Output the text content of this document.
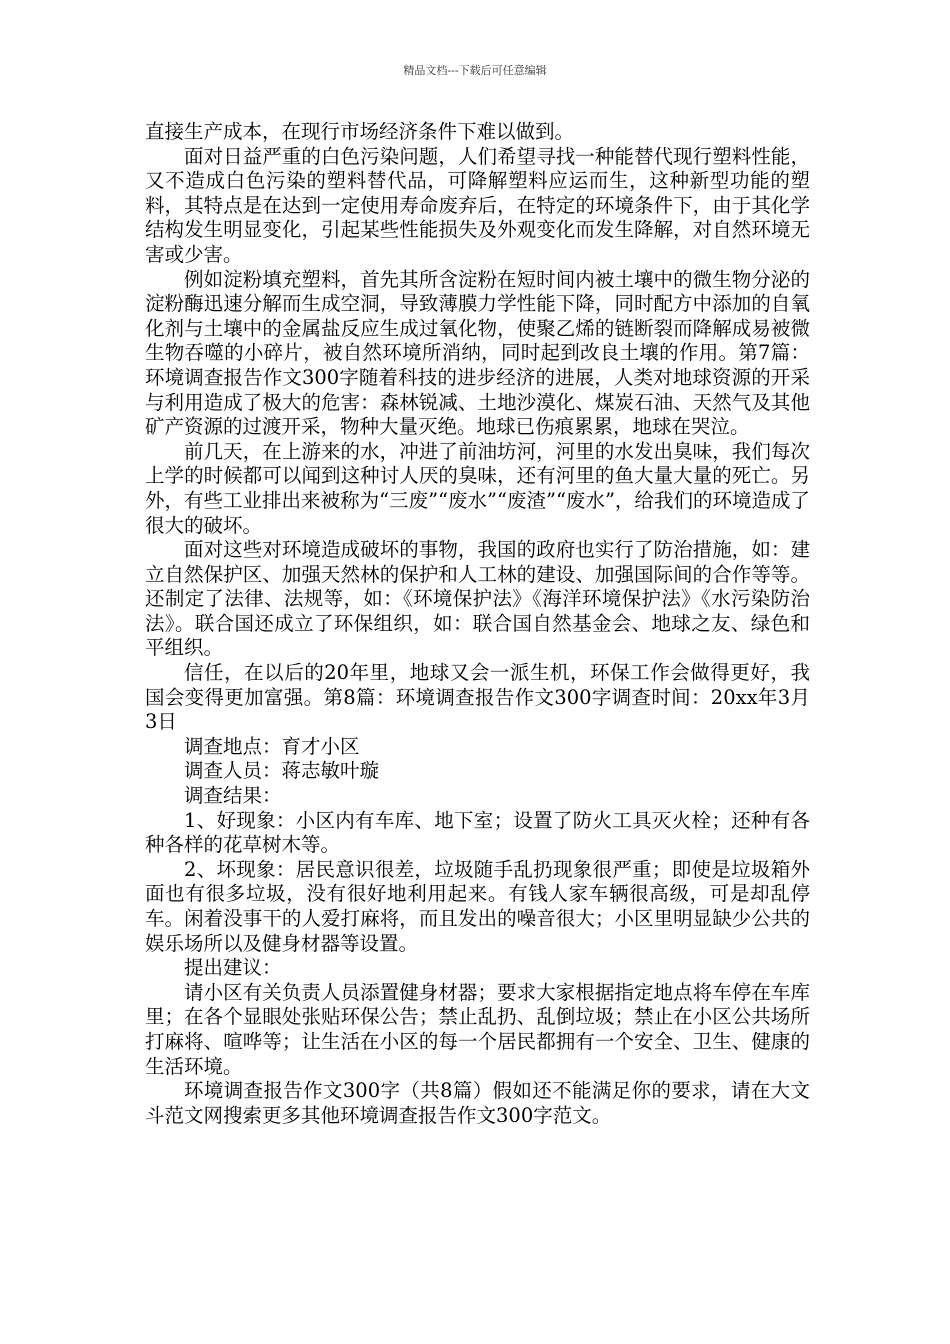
精品文档---下载后可任意编辑

直接生产成本，在现行市场经济条件下难以做到。

面对日益严重的白色污染问题，人们希望寻找一种能替代现行塑料性能，又不造成白色污染的塑料替代品，可降解塑料应运而生，这种新型功能的塑料，其特点是在达到一定使用寿命废弃后，在特定的环境条件下，由于其化学结构发生明显变化，引起某些性能损失及外观变化而发生降解，对自然环境无害或少害。

例如淀粉填充塑料，首先其所含淀粉在短时间内被土壤中的微生物分泌的淀粉酶迅速分解而生成空洞，导致薄膜力学性能下降，同时配方中添加的自氧化剂与土壤中的金属盐反应生成过氧化物，使聚乙烯的链断裂而降解成易被微生物吞噬的小碎片，被自然环境所消纳，同时起到改良土壤的作用。第7篇：环境调查报告作文300字随着科技的进步经济的进展，人类对地球资源的开采与利用造成了极大的危害：森林锐减、土地沙漠化、煤炭石油、天然气及其他矿产资源的过渡开采，物种大量灭绝。地球已伤痕累累，地球在哭泣。

前几天，在上游来的水，冲进了前油坊河，河里的水发出臭味，我们每次上学的时候都可以闻到这种讨人厌的臭味，还有河里的鱼大量大量的死亡。另外，有些工业排出来被称为“三废”“废水”“废渣”“废水”，给我们的环境造成了很大的破坏。

面对这些对环境造成破坏的事物，我国的政府也实行了防治措施，如：建立自然保护区、加强天然林的保护和人工林的建设、加强国际间的合作等等。还制定了法律、法规等，如：《环境保护法》《海洋环境保护法》《水污染防治法》。联合国还成立了环保组织，如：联合国自然基金会、地球之友、绿色和平组织。

信任，在以后的20年里，地球又会一派生机，环保工作会做得更好，我国会变得更加富强。第8篇：环境调查报告作文300字调查时间：20xx年3月3日

调查地点：育才小区

调查人员：蒋志敏叶璇

调查结果：

1、好现象：小区内有车库、地下室；设置了防火工具灭火栓；还种有各种各样的花草树木等。

2、坏现象：居民意识很差，垃圾随手乱扔现象很严重；即使是垃圾箱外面也有很多垃圾，没有很好地利用起来。有钱人家车辆很高级，可是却乱停车。闲着没事干的人爱打麻将，而且发出的噪音很大；小区里明显缺少公共的娱乐场所以及健身材器等设置。

提出建议：

请小区有关负责人员添置健身材器；要求大家根据指定地点将车停在车库里；在各个显眼处张贴环保公告；禁止乱扔、乱倒垃圾；禁止在小区公共场所打麻将、喧哗等；让生活在小区的每一个居民都拥有一个安全、卫生、健康的生活环境。

环境调查报告作文300字（共8篇）假如还不能满足你的要求，请在大文斗范文网搜索更多其他环境调查报告作文300字范文。
